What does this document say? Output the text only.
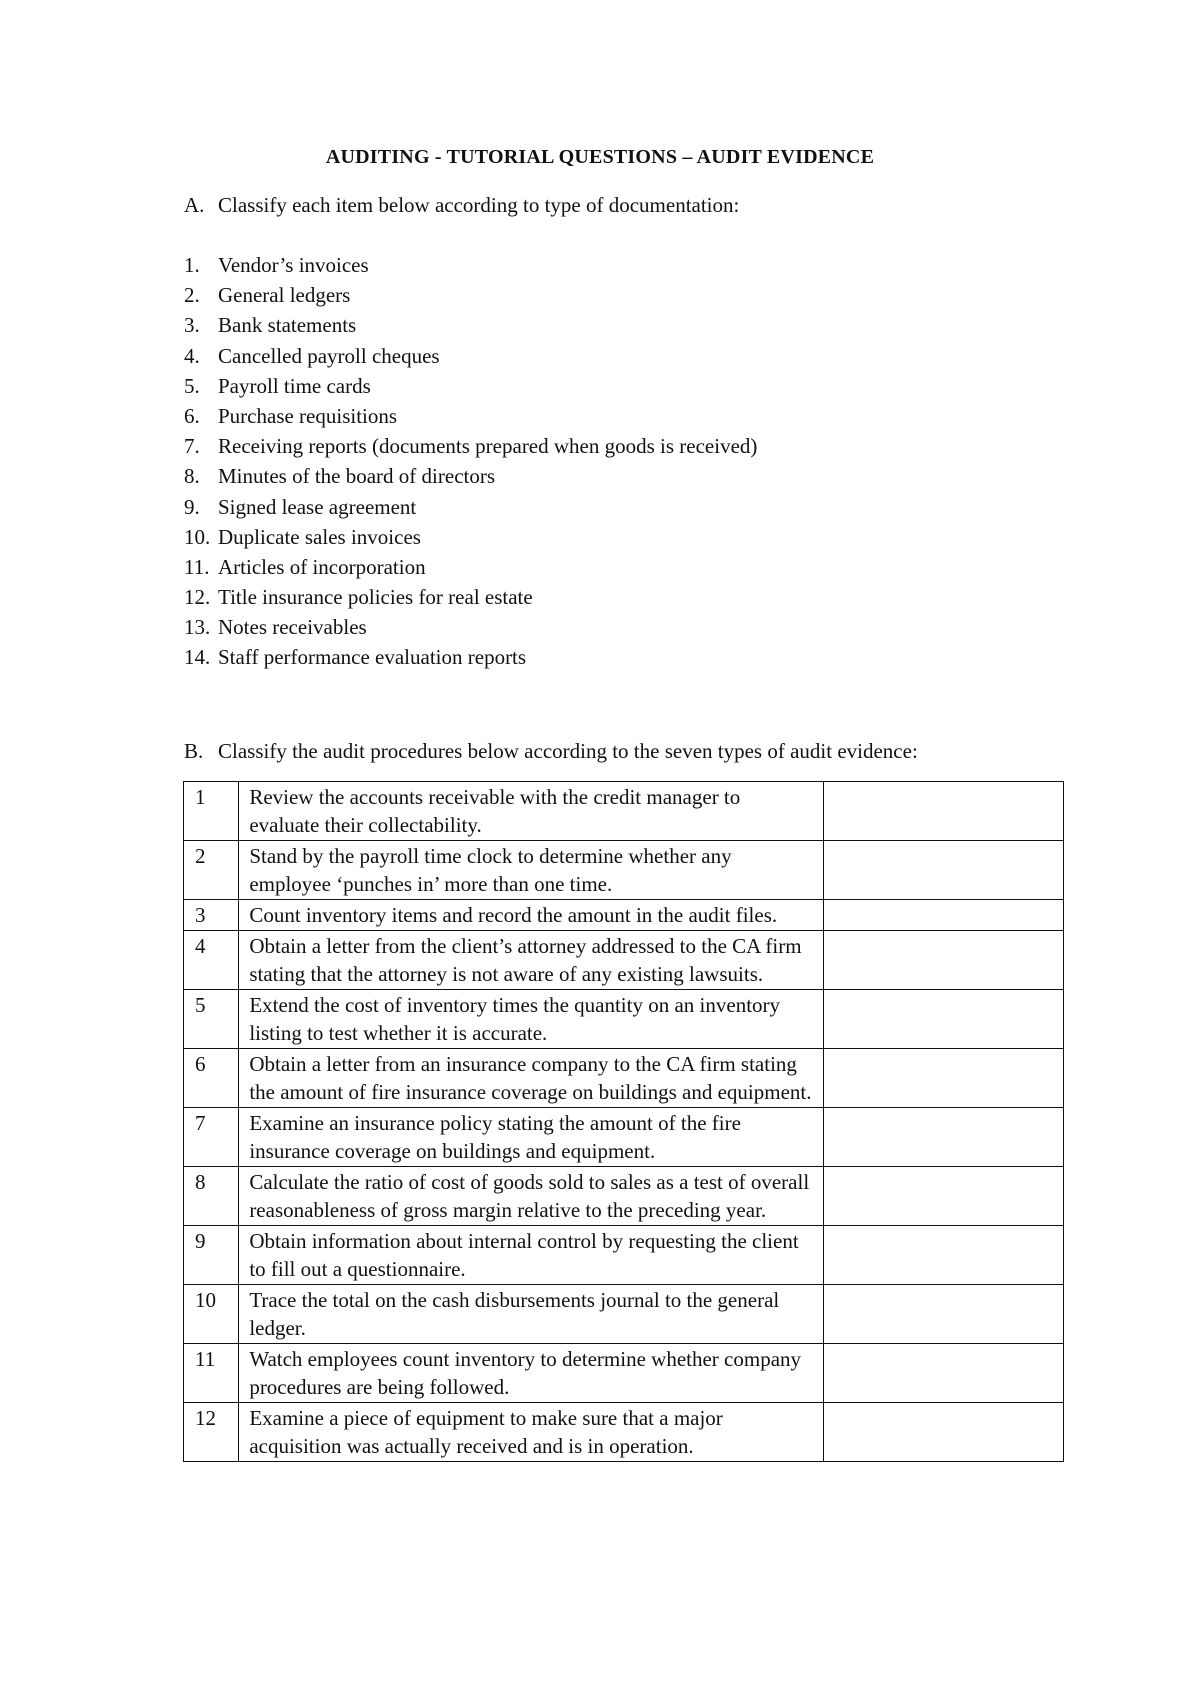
AUDITING - TUTORIAL QUESTIONS – AUDIT EVIDENCE
A. Classify each item below according to type of documentation:
1. Vendor’s invoices
2. General ledgers
3. Bank statements
4. Cancelled payroll cheques
5. Payroll time cards
6. Purchase requisitions
7. Receiving reports (documents prepared when goods is received)
8. Minutes of the board of directors
9. Signed lease agreement
10. Duplicate sales invoices
11. Articles of incorporation
12. Title insurance policies for real estate
13. Notes receivables
14. Staff performance evaluation reports
B. Classify the audit procedures below according to the seven types of audit evidence:
1	Review the accounts receivable with the credit manager to evaluate their collectability.	
2	Stand by the payroll time clock to determine whether any employee ‘punches in’ more than one time.	
3	Count inventory items and record the amount in the audit files.	
4	Obtain a letter from the client’s attorney addressed to the CA firm stating that the attorney is not aware of any existing lawsuits.	
5	Extend the cost of inventory times the quantity on an inventory listing to test whether it is accurate.	
6	Obtain a letter from an insurance company to the CA firm stating the amount of fire insurance coverage on buildings and equipment.	
7	Examine an insurance policy stating the amount of the fire insurance coverage on buildings and equipment.	
8	Calculate the ratio of cost of goods sold to sales as a test of overall reasonableness of gross margin relative to the preceding year.	
9	Obtain information about internal control by requesting the client to fill out a questionnaire.	
10	Trace the total on the cash disbursements journal to the general ledger.	
11	Watch employees count inventory to determine whether company procedures are being followed.	
12	Examine a piece of equipment to make sure that a major acquisition was actually received and is in operation.	
